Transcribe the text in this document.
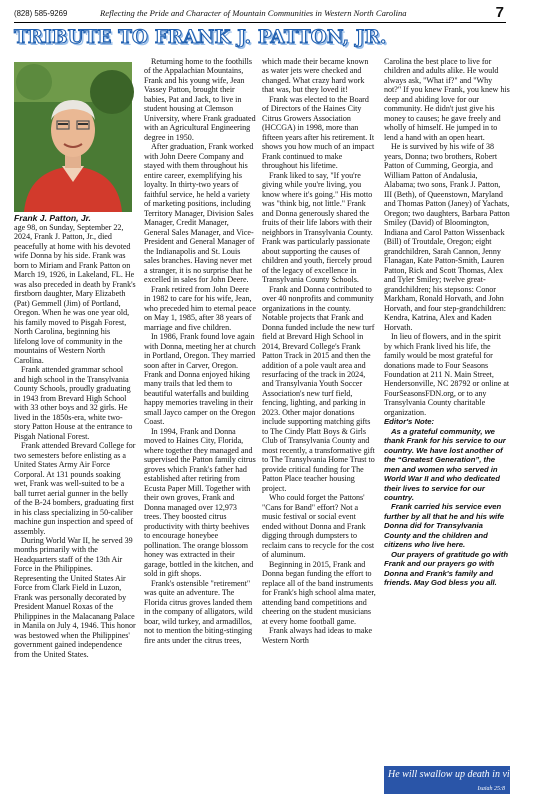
(828) 585-9269	Reflecting the Pride and Character of Mountain Communities in Western North Carolina	7
TRIBUTE TO FRANK J. PATTON, JR.
Frank J. Patton, Jr.

age 98, on Sunday, September 22, 2024, Frank J. Patton, Jr., died peacefully at home with his devoted wife Donna by his side. Frank was born to Miriam and Frank Patton on March 19, 1926, in Lakeland, FL. He was also preceded in death by Frank's firstborn daughter, Mary Elizabeth (Pat) Gemmell (Jim) of Portland, Oregon. When he was one year old, his family moved to Pisgah Forest, North Carolina, beginning his lifelong love of community in the mountains of Western North Carolina.

Frank attended grammar school and high school in the Transylvania County Schools, proudly graduating in 1943 from Brevard High School with 33 other boys and 32 girls. He lived in the 1850s-era, white two-story Patton House at the entrance to Pisgah National Forest.

Frank attended Brevard College for two semesters before enlisting as a United States Army Air Force Corporal. At 131 pounds soaking wet, Frank was well-suited to be a ball turret aerial gunner in the belly of the B-24 bombers, graduating first in his class specializing in 50-caliber machine gun inspection and speed of assembly.

During World War II, he served 39 months primarily with the Headquarters staff of the 13th Air Force in the Philippines. Representing the United States Air Force from Clark Field in Luzon, Frank was personally decorated by President Manuel Roxas of the Philippines in the Malacanang Palace in Manila on July 4, 1946. This honor was bestowed when the Philippines' government gained independence from the United States.

Returning home to the foothills of the Appalachian Mountains, Frank and his young wife, Jean Vassey Patton, brought their babies, Pat and Jack, to live in student housing at Clemson University, where Frank graduated with an Agricultural Engineering degree in 1950.

After graduation, Frank worked with John Deere Company and stayed with them throughout his entire career, exemplifying his loyalty. In thirty-two years of faithful service, he held a variety of marketing positions, including Territory Manager, Division Sales Manager, Credit Manager, General Sales Manager, and Vice-President and General Manager of the Indianapolis and St. Louis sales branches. Having never met a stranger, it is no surprise that he excelled in sales for John Deere.

Frank retired from John Deere in 1982 to care for his wife, Jean, who preceded him to eternal peace on May 1, 1985, after 38 years of marriage and five children.

In 1986, Frank found love again with Donna, meeting her at church in Portland, Oregon. They married soon after in Carver, Oregon. Frank and Donna enjoyed hiking many trails that led them to beautiful waterfalls and building happy memories traveling in their small Jayco camper on the Oregon Coast.

In 1994, Frank and Donna moved to Haines City, Florida, where together they managed and supervised the Patton family citrus groves which Frank's father had established after retiring from Ecusta Paper Mill. Together with their own groves, Frank and Donna managed over 12,973 trees. They boosted citrus productivity with thirty beehives to encourage honeybee pollination. The orange blossom honey was extracted in their garage, bottled in the kitchen, and sold in gift shops.

Frank's ostensible "retirement" was quite an adventure. The Florida citrus groves landed them in the company of alligators, wild boar, wild turkey, and armadillos, not to mention the biting-stinging fire ants under the citrus trees,

which made their became known as water jets were checked and changed. What crazy hard work that was, but they loved it!

Frank was elected to the Board of Directors of the Haines City Citrus Growers Association (HCCGA) in 1998, more than fifteen years after his retirement. It shows you how much of an impact Frank continued to make throughout his lifetime.

Frank liked to say, "If you're giving while you're living, you know where it's going." His motto was "think big, not little." Frank and Donna generously shared the fruits of their life labors with their neighbors in Transylvania County. Frank was particularly passionate about supporting the causes of children and youth, fiercely proud of the legacy of excellence in Transylvania County Schools.

Frank and Donna contributed to over 40 nonprofits and community organizations in the county. Notable projects that Frank and Donna funded include the new turf field at Brevard High School in 2014, Brevard College's Frank Patton Track in 2015 and then the addition of a pole vault area and resurfacing of the track in 2024, and Transylvania Youth Soccer Association's new turf field, fencing, lighting, and parking in 2023. Other major donations include supporting matching gifts to The Cindy Platt Boys & Girls Club of Transylvania County and most recently, a transformative gift to The Transylvania Home Trust to provide critical funding for The Patton Place teacher housing project.

Who could forget the Pattons' "Cans for Band" effort? Not a music festival or social event ended without Donna and Frank digging through dumpsters to reclaim cans to recycle for the cost of aluminum.

Beginning in 2015, Frank and Donna began funding the effort to replace all of the band instruments for Frank's high school alma mater, attending band competitions and cheering on the student musicians at every home football game.

Frank always had ideas to make Western North

Carolina the best place to live for children and adults alike. He would always ask, "What if?" and "Why not?" If you knew Frank, you knew his deep and abiding love for our community. He didn't just give his money to causes; he gave freely and wholly of himself. He jumped in to lend a hand with an open heart.

He is survived by his wife of 38 years, Donna; two brothers, Robert Patton of Cumming, Georgia, and William Patton of Andalusia, Alabama; two sons, Frank J. Patton, III (Beth), of Queenstown, Maryland and Thomas Patton (Janey) of Yachats, Oregon; two daughters, Barbara Patton Smiley (David) of Bloomington, Indiana and Carol Patton Wissenback (Bill) of Troutdale, Oregon; eight grandchildren, Sarah Cannon, Jenny Flanagan, Kate Patton-Smith, Lauren Patton, Rick and Scott Thomas, Alex and Tyler Smiley; twelve great-grandchildren; his stepsons: Conor Markham, Ronald Horvath, and John Horvath, and four step-grandchildren: Kendra, Katrina, Alex and Kaden Horvath.

In lieu of flowers, and in the spirit by which Frank lived his life, the family would be most grateful for donations made to Four Seasons Foundation at 211 N. Main Street, Hendersonville, NC 28792 or online at FourSeasonsFDN.org, or to any Transylvania County charitable organization.

Editor's Note:

As a grateful community, we thank Frank for his service to our country. We have lost another of the “Greatest Generation”, the men and women who served in World War II and who dedicated their lives to service for our country.

Frank carried his service even further by all that he and his wife Donna did for Transylvania County and the children and citizens who live here.

Our prayers of gratitude go with Frank and our prayers go with Donna and Frank's family and friends. May God bless you all.

He will swallow up death in victory...
Isaiah 25:8
